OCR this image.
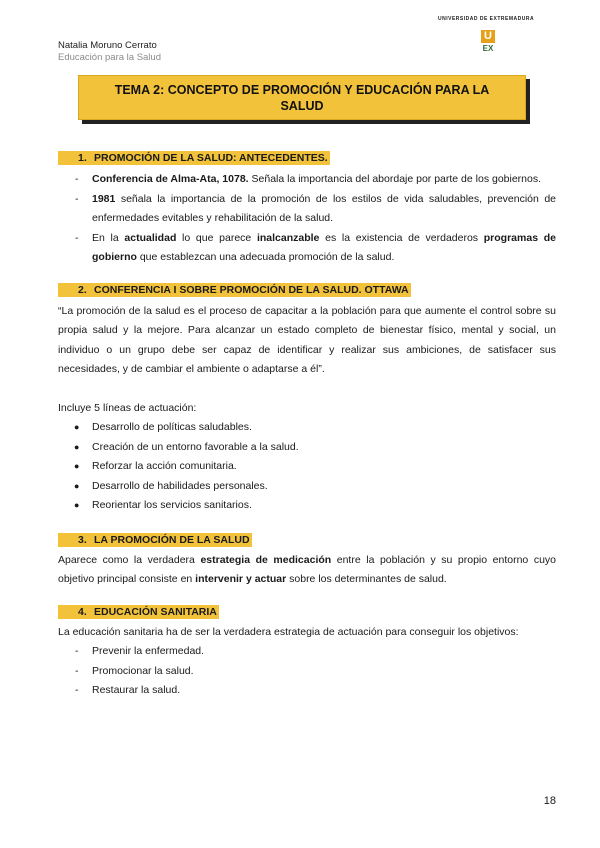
Natalia Moruno Cerrato
Educación para la Salud
UNIVERSIDAD DE EXTREMADURA
U
EX
TEMA 2: CONCEPTO DE PROMOCIÓN Y EDUCACIÓN PARA LA SALUD
1. PROMOCIÓN DE LA SALUD: ANTECEDENTES.
- Conferencia de Alma-Ata, 1078. Señala la importancia del abordaje por parte de los gobiernos.
- 1981 señala la importancia de la promoción de los estilos de vida saludables, prevención de enfermedades evitables y rehabilitación de la salud.
- En la actualidad lo que parece inalcanzable es la existencia de verdaderos programas de gobierno que establezcan una adecuada promoción de la salud.
2. CONFERENCIA I SOBRE PROMOCIÓN DE LA SALUD. OTTAWA

“La promoción de la salud es el proceso de capacitar a la población para que aumente el control sobre su propia salud y la mejore. Para alcanzar un estado completo de bienestar físico, mental y social, un individuo o un grupo debe ser capaz de identificar y realizar sus ambiciones, de satisfacer sus necesidades, y de cambiar el ambiente o adaptarse a él”.

Incluye 5 líneas de actuación:

● Desarrollo de políticas saludables.
● Creación de un entorno favorable a la salud.
● Reforzar la acción comunitaria.
● Desarrollo de habilidades personales.
● Reorientar los servicios sanitarios.
3. LA PROMOCIÓN DE LA SALUD

Aparece como la verdadera estrategia de medicación entre la población y su propio entorno cuyo objetivo principal consiste en intervenir y actuar sobre los determinantes de salud.

4. EDUCACIÓN SANITARIA

La educación sanitaria ha de ser la verdadera estrategia de actuación para conseguir los objetivos:

- Prevenir la enfermedad.
- Promocionar la salud.
- Restaurar la salud.
18
